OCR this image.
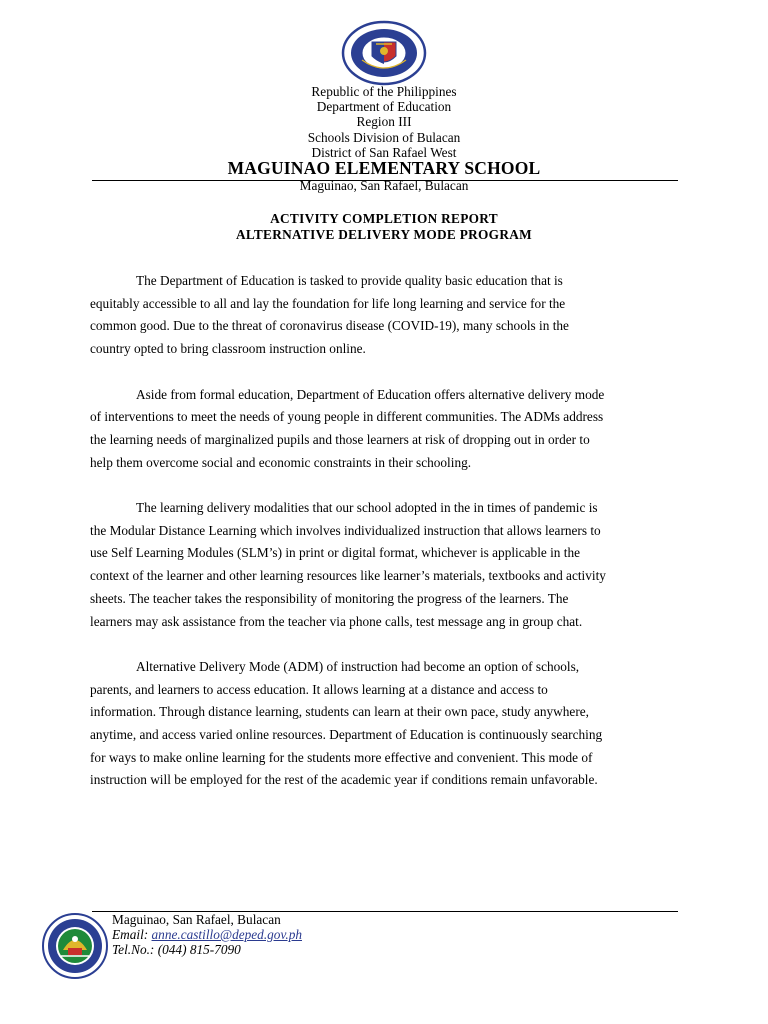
Republic of the Philippines
Department of Education
Region III
Schools Division of Bulacan
District of San Rafael West
MAGUINAO ELEMENTARY SCHOOL
Maguinao, San Rafael, Bulacan
ACTIVITY COMPLETION REPORT
ALTERNATIVE DELIVERY MODE PROGRAM

The Department of Education is tasked to provide quality basic education that is
equitably accessible to all and lay the foundation for life long learning and service for the
common good. Due to the threat of coronavirus disease (COVID-19), many schools in the
country opted to bring classroom instruction online.

Aside from formal education, Department of Education offers alternative delivery mode
of interventions to meet the needs of young people in different communities. The ADMs address
the learning needs of marginalized pupils and those learners at risk of dropping out in order to
help them overcome social and economic constraints in their schooling.

The learning delivery modalities that our school adopted in the in times of pandemic is
the Modular Distance Learning which involves individualized instruction that allows learners to
use Self Learning Modules (SLM’s) in print or digital format, whichever is applicable in the
context of the learner and other learning resources like learner’s materials, textbooks and activity
sheets. The teacher takes the responsibility of monitoring the progress of the learners. The
learners may ask assistance from the teacher via phone calls, test message ang in group chat.

Alternative Delivery Mode (ADM) of instruction had become an option of schools,
parents, and learners to access education. It allows learning at a distance and access to
information. Through distance learning, students can learn at their own pace, study anywhere,
anytime, and access varied online resources. Department of Education is continuously searching
for ways to make online learning for the students more effective and convenient. This mode of
instruction will be employed for the rest of the academic year if conditions remain unfavorable.

Maguinao, San Rafael, Bulacan
Email: anne.castillo@deped.gov.ph
Tel.No.: (044) 815-7090
